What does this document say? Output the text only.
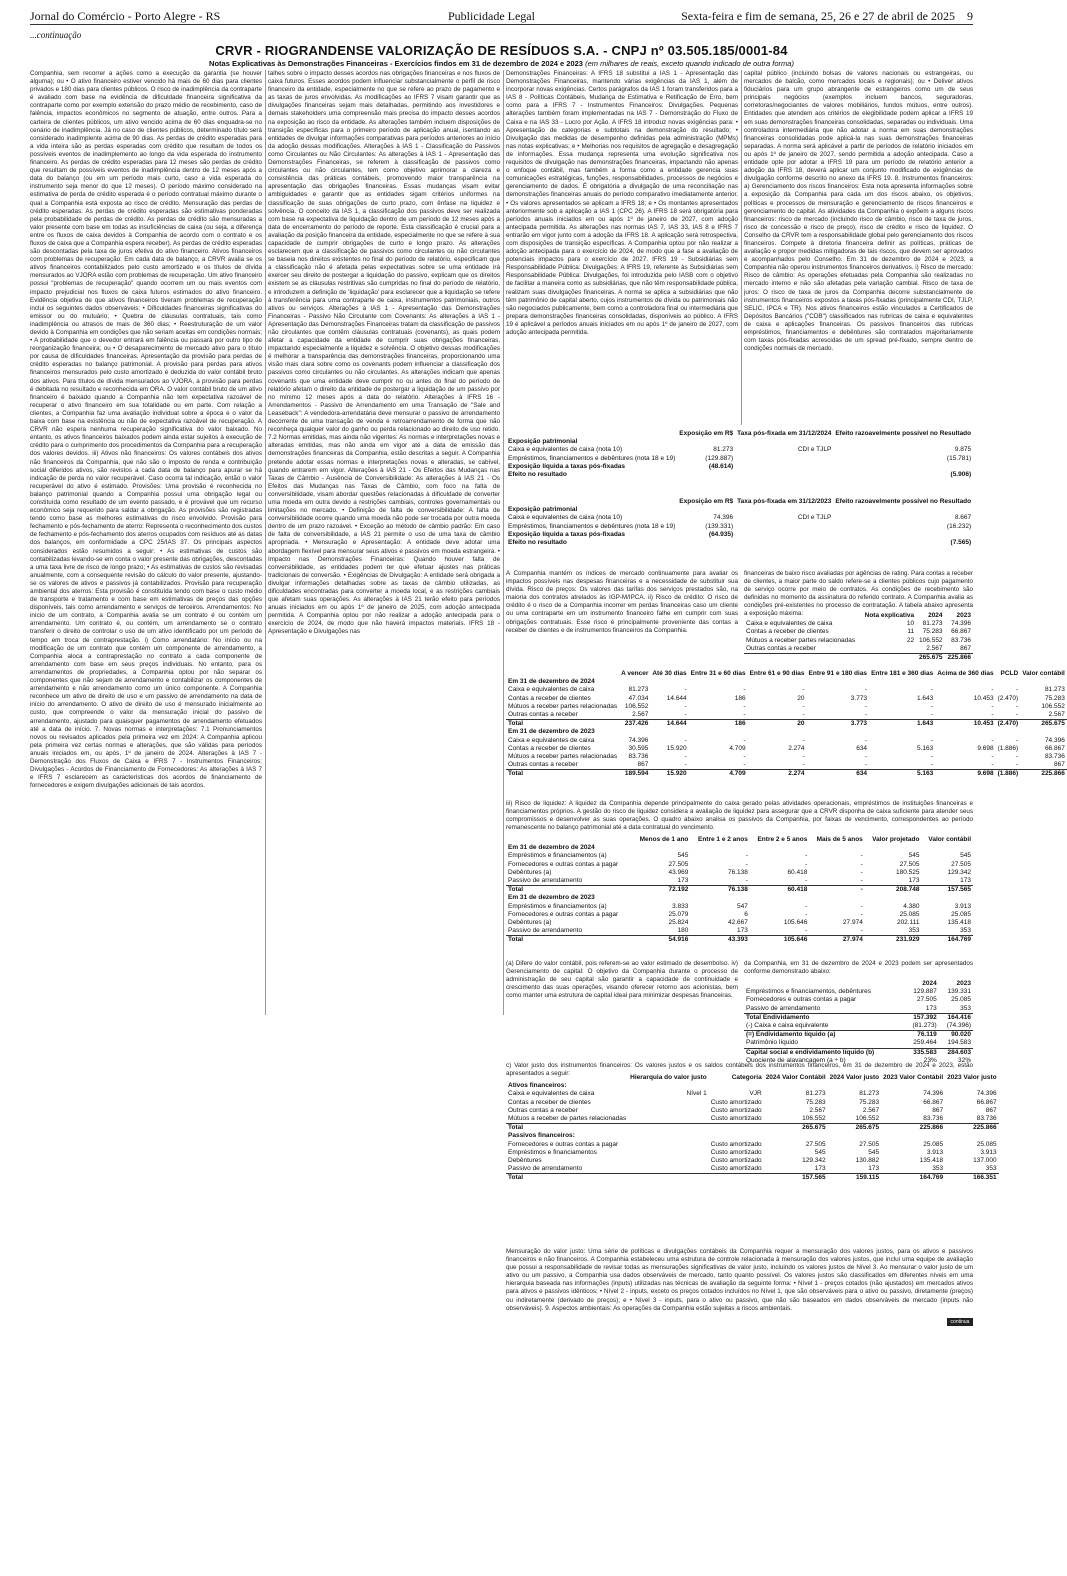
Jornal do Comércio - Porto Alegre - RS	Publicidade Legal	Sexta-feira e fim de semana, 25, 26 e 27 de abril de 2025 9
...continuação
CRVR - RIOGRANDENSE VALORIZAÇÃO DE RESÍDUOS S.A. - CNPJ nº 03.505.185/0001-84
Notas Explicativas às Demonstrações Financeiras - Exercícios findos em 31 de dezembro de 2024 e 2023 (em milhares de reais, exceto quando indicado de outra forma)

Companhia, sem recorrer a ações como a execução da garantia (se houver alguma); ou • O ativo financeiro estiver vencido há mais de 60 dias para clientes privados e 180 dias para clientes públicos. O risco de inadimplência da contraparte é avaliado com base na evidência de dificuldade financeira significativa da contraparte como por exemplo extensão do prazo médio de recebimento, caso de falência, impactos econômicos no segmento de atuação, entre outros. Para a carteira de clientes públicos, um ativo vencido acima de 60 dias enquadra-se no cenário de inadimplência. Já no caso de clientes públicos, determinado título será considerado inadimplente acima de 90 dias. As perdas de crédito esperadas para a vida inteira são as perdas esperadas com crédito que resultam de todos os possíveis eventos de inadimplemento ao longo da vida esperada do instrumento financeiro. As perdas de crédito esperadas para 12 meses são perdas de crédito que resultam de possíveis eventos de inadimplência dentro de 12 meses após a data do balanço (ou em um período mais curto, caso a vida esperada do instrumento seja menor do que 12 meses). O período máximo considerado na estimativa de perda de crédito esperada é o período contratual máximo durante o qual a Companhia está exposta ao risco de crédito. Mensuração das perdas de crédito esperadas: As perdas de crédito esperadas são estimativas ponderadas pela probabilidade de perdas de crédito. As perdas de crédito são mensuradas a valor presente com base em todas as insuficiências de caixa (ou seja, a diferença entre os fluxos de caixa devidos à Companhia de acordo com o contrato e os fluxos de caixa que a Companhia espera receber). As perdas de crédito esperadas são descontadas pela taxa de juros efetiva do ativo financeiro. Ativos financeiros com problemas de recuperação: Em cada data de balanço, a CRVR avalia se os ativos financeiros contabilizados pelo custo amortizado e os títulos de dívida mensurados ao VJORA estão com problemas de recuperação. Um ativo financeiro possui "problemas de recuperação" quando ocorrem um ou mais eventos com impacto prejudicial nos fluxos de caixa futuros estimados do ativo financeiro. Evidência objetiva de que ativos financeiros tiveram problemas de recuperação inclui os seguintes dados observáveis: • Dificuldades financeiras significativas do emissor ou do mutuário; • Quebra de cláusulas contratuais, tais como inadimplência ou atrasos de mais de 360 dias; • Reestruturação de um valor devido à Companhia em condições que não seriam aceitas em condições normais; • A probabilidade que o devedor entrará em falência ou passará por outro tipo de reorganização financeira; ou • O desaparecimento de mercado ativo para o título por causa de dificuldades financeiras. Apresentação da provisão para perdas de crédito esperadas no balanço patrimonial. A provisão para perdas para ativos financeiros mensurados pelo custo amortizado é deduzida do valor contábil bruto dos ativos. Para títulos de dívida mensurados ao VJORA, a provisão para perdas é debitada no resultado e reconhecida em ORA. O valor contábil bruto de um ativo financeiro é baixado quando a Companhia não tem expectativa razoável de recuperar o ativo financeiro em sua totalidade ou em parte. Com relação a clientes, a Companhia faz uma avaliação individual sobre a época e o valor da baixa com base na existência ou não de expectativa razoável de recuperação. A CRVR não espera nenhuma recuperação significativa do valor baixado. No entanto, os ativos financeiros baixados podem ainda estar sujeitos à execução de crédito para o cumprimento dos procedimentos da Companhia para a recuperação dos valores devidos. iii) Ativos não financeiros: Os valores contábeis dos ativos não financeiros da Companhia, que não são o imposto de renda e contribuição social diferidos ativos, são revistos a cada data de balanço para apurar se há indicação de perda no valor recuperável. Caso ocorra tal indicação, então o valor recuperável do ativo é estimado. Provisões: Uma provisão é reconhecida no balanço patrimonial quando a Companhia possui uma obrigação legal ou constituída como resultado de um evento passado, e é provável que um recurso econômico seja requerido para saldar a obrigação. As provisões são registradas tendo como base as melhores estimativas do risco envolvido. Provisão para fechamento e pós-fechamento de aterro: Representa o reconhecimento dos custos de fechamento e pós-fechamento dos aterros ocupados com resíduos até as datas dos balanços, em conformidade a CPC 25/IAS 37. Os principais aspectos considerados estão resumidos a seguir: • As estimativas de custos são contabilizadas levando-se em conta o valor presente das obrigações, descontadas a uma taxa livre de risco de longo prazo; • As estimativas de custos são revisadas anualmente, com a consequente revisão do cálculo do valor presente, ajustando-se os valores de ativos e passivos já contabilizados. Provisão para recuperação ambiental dos aterros: Esta provisão é constituída tendo com base o custo médio de transporte e tratamento e com base em estimativas de preços das opções disponíveis, tais como arrendamento e serviços de terceiros. Arrendamentos: No início de um contrato, a Companhia avalia se um contrato é ou contém um arrendamento. Um contrato é, ou contém, um arrendamento se o contrato transferir o direito de controlar o uso de um ativo identificado por um período de tempo em troca de contraprestação. i) Como arrendatário: No início ou na modificação de um contrato que contém um componente de arrendamento, a Companhia aloca a contraprestação no contrato a cada componente de arrendamento com base em seus preços individuais. No entanto, para os arrendamentos de propriedades, a Companhia optou por não separar os componentes que não sejam de arrendamento e contabilizar os componentes de arrendamento e não arrendamento como um único componente. A Companhia reconhece um ativo de direito de uso e um passivo de arrendamento na data de início do arrendamento. O ativo de direito de uso é mensurado inicialmente ao custo, que compreende o valor da mensuração inicial do passivo de arrendamento, ajustado para quaisquer pagamentos de arrendamento efetuados até a data de início. 7. Novas normas e interpretações: 7.1 Pronunciamentos novos ou revisados aplicados pela primeira vez em 2024: A Companhia aplicou pela primeira vez certas normas e alterações, que são válidas para períodos anuais iniciados em, ou após, 1º de janeiro de 2024. Alterações à IAS 7 - Demonstração dos Fluxos de Caixa e IFRS 7 - Instrumentos Financeiros: Divulgações - Acordos de Financiamento de Fornecedores: As alterações à IAS 7 e IFRS 7 esclarecem as características dos acordos de financiamento de fornecedores e exigem divulgações adicionais de tais acordos.

talhes sobre o impacto desses acordos nas obrigações financeiras e nos fluxos de caixa futuros. Esses acordos podem influenciar substancialmente o perfil de risco financeiro da entidade, especialmente no que se refere ao prazo de pagamento e as taxas de juros envolvidas. As modificações ao IFRS 7 visam garantir que as divulgações financeiras sejam mais detalhadas, permitindo aos investidores e demais stakeholders uma compreensão mais precisa do impacto desses acordos na exposição ao risco da entidade. As alterações também incluem disposições de transição específicas para o primeiro período de aplicação anual, isentando as entidades de divulgar informações comparativas para períodos anteriores ao início da adoção dessas modificações. Alterações à IAS 1 - Classificação do Passivos como Circulantes ou Não Circulantes: As alterações à IAS 1 - Apresentação das Demonstrações Financeiras, se referem à classificação de passivos como circulantes ou não circulantes, tem como objetivo aprimorar a clareza e consistência das práticas contábeis, promovendo maior transparência na apresentação das obrigações financeiras. Essas mudanças visam evitar ambiguidades e garantir que as entidades sigam critérios uniformes na classificação de suas obrigações de curto prazo, com ênfase na liquidez e solvência. O conceito da IAS 1, a classificação dos passivos deve ser realizada com base na expectativa de liquidação dentro de um período de 12 meses após a data de encerramento do período de reporte. Esta classificação é crucial para a avaliação da posição financeira da entidade, especialmente no que se refere à sua capacidade de cumprir obrigações de curto e longo prazo. As alterações esclarecem que a classificação de passivos como circulantes ou não circulantes se baseia nos direitos existentes no final do período de relatório, especificam que a classificação não é afetada pelas expectativas sobre se uma entidade irá exercer seu direito de postergar a liquidação do passivo, explicam que os direitos existem se as cláusulas restritivas são cumpridas no final do período de relatório, e introduzem a definição de 'liquidação' para esclarecer que a liquidação se refere à transferência para uma contraparte de caixa, instrumentos patrimoniais, outros ativos ou serviços. Alterações à IAS 1 - Apresentação das Demonstrações Financeiras - Passivo Não Circulante com Covenants: As alterações à IAS 1 - Apresentação das Demonstrações Financeiras tratam da classificação de passivos não circulantes que contêm cláusulas contratuais (covenants), as quais podem afetar a capacidade da entidade de cumprir suas obrigações financeiras, impactando especialmente a liquidez e solvência. O objetivo dessas modificações é melhorar a transparência das demonstrações financeiras, proporcionando uma visão mais clara sobre como os covenants podem influenciar a classificação dos passivos como circulantes ou não circulantes. As alterações indicam que apenas covenants que uma entidade deve cumprir no ou antes do final do período de relatório afetam o direito da entidade de postergar a liquidação de um passivo por no mínimo 12 meses após a data do relatório. Alterações à IFRS 16 - Arrendamentos - Passivo de Arrendamento em uma Transação de "Sale and Leaseback": A vendedora-arrendatária deve mensurar o passivo de arrendamento decorrente de uma transação de venda e retroarrendamento de forma que não reconheça qualquer valor do ganho ou perda relacionado ao direito de uso retido. 7.2 Normas emitidas, mas ainda não vigentes: As normas e interpretações novas e alteradas emitidas, mas não ainda em vigor até a data de emissão das demonstrações financeiras da Companhia, estão descritas a seguir. A Companhia pretende adotar essas normas e interpretações novas e alteradas, se cabível, quando entrarem em vigor. Alterações à IAS 21 - Os Efeitos das Mudanças nas Taxas de Câmbio - Ausência de Conversibilidade: As alterações à IAS 21 - Os Efeitos das Mudanças nas Taxas de Câmbio, com foco na falta de conversibilidade, visam abordar questões relacionadas à dificuldade de converter uma moeda em outra devido a restrições cambiais, controles governamentais ou limitações no mercado. • Definição de falta de conversibilidade: A falta de conversibilidade ocorre quando uma moeda não pode ser trocada por outra moeda dentro de um prazo razoável. • Exceção ao método de câmbio padrão: Em caso de falta de conversibilidade, a IAS 21 permite o uso de uma taxa de câmbio apropriada. • Mensuração e Apresentação: A entidade deve adotar uma abordagem flexível para mensurar seus ativos e passivos em moeda estrangeira. • Impacto nas Demonstrações Financeiras: Quando houver falta de conversibilidade, as entidades podem ter que efetuar ajustes nas práticas tradicionais de conversão. • Exigências de Divulgação: A entidade será obrigada a divulgar informações detalhadas sobre as taxas de câmbio utilizadas, as dificuldades encontradas para converter a moeda local, e as restrições cambiais que afetam suas operações. As alterações à IAS 21 terão efeito para períodos anuais iniciados em ou após 1º de janeiro de 2025, com adoção antecipada permitida. A Companhia optou por não realizar a adoção antecipada para o exercício de 2024, de modo que não haverá impactos materiais. IFRS 18 - Apresentação e Divulgações nas

Demonstrações Financeiras: A IFRS 18 substitui a IAS 1 - Apresentação das Demonstrações Financeiras, mantendo várias exigências da IAS 1, além de incorporar novas exigências. Certos parágrafos da IAS 1 foram transferidos para a IAS 8 - Políticas Contábeis, Mudança de Estimativa e Retificação de Erro, bem como para a IFRS 7 - Instrumentos Financeiros: Divulgações. Pequenas alterações também foram implementadas na IAS 7 - Demonstração do Fluxo de Caixa e na IAS 33 - Lucro por Ação. A IFRS 18 introduz novas exigências para: • Apresentação de categorias e subtotais na demonstração do resultado; • Divulgação das medidas de desempenho definidas pela administração (MPMs) nas notas explicativas; e • Melhorias nos requisitos de agregação e desagregação de informações. Essa mudança representa uma evolução significativa nos requisitos de divulgação nas demonstrações financeiras, impactando não apenas o enfoque contábil, mas também a forma como a entidade gerencia suas comunicações estratégicas, funções, responsabilidades, processos de negócios e gerenciamento de dados. É obrigatória a divulgação de uma reconciliação nas demonstrações financeiras anuais do período comparativo imediatamente anterior. • Os valores apresentados se aplicam a IFRS 18; e • Os montantes apresentados anteriormente sob a aplicação a IAS 1 (CPC 26). A IFRS 18 será obrigatória para períodos anuais iniciados em ou após 1º de janeiro de 2027, com adoção antecipada permitida. As alterações nas normas IAS 7, IAS 33, IAS 8 e IFRS 7 entrarão em vigor junto com a adoção da IFRS 18. A aplicação será retrospectiva, com disposições de transição específicas. A Companhia optou por não realizar a adoção antecipada para o exercício de 2024, de modo que a fase a avaliação de potenciais impactos para o exercício de 2027. IFRS 19 - Subsidiárias sem Responsabilidade Pública: Divulgações: A IFRS 19, referente às Subsidiárias sem Responsabilidade Pública: Divulgações, foi introduzida pelo IASB com o objetivo de facilitar a maneira como as subsidiárias, que não têm responsabilidade pública, realizam suas divulgações financeiras. A norma se aplica a subsidiárias que não têm patrimônio de capital aberto, cujos instrumentos de dívida ou patrimoniais não são negociados publicamente, bem como a controladora final ou intermediária que prepara demonstrações financeiras consolidadas, disponíveis ao público. A IFRS 19 é aplicável a períodos anuais iniciados em ou após 1º de janeiro de 2027, com adoção antecipada permitida.

capital público (incluindo bolsas de valores nacionais ou estrangeiras, ou mercados de balcão, como mercados locais e regionais); ou • Deliver ativos fiduciários para um grupo abrangente de estrangeiros como um de seus principais negócios (exemplos incluem bancos, seguradoras, corretoras/negociantes de valores mobiliários, fundos mútuos, entre outros). Entidades que atendem aos critérios de elegibilidade podem aplicar a IFRS 19 em suas demonstrações financeiras consolidadas, separadas ou individuais. Uma controladora intermediária que não adotar a norma em suas demonstrações financeiras consolidadas pode aplicá-la nas suas demonstrações financeiras separadas. A norma será aplicável a partir de períodos de relatório iniciados em ou após 1º de janeiro de 2027, sendo permitida a adoção antecipada. Caso a entidade opte por adotar a IFRS 19 para um período de relatório anterior a adoção da IFRS 18, deverá aplicar um conjunto modificado de exigências de divulgação conforme descrito no anexo da IFRS 19. 8. Instrumentos financeiros: a) Gerenciamento dos riscos financeiros: Esta nota apresenta informações sobre a exposição da Companhia para cada um dos riscos abaixo, os objetivos, políticas e processos de mensuração e gerenciamento de riscos financeiros e gerenciamento do capital. As atividades da Companhia o expõem a alguns riscos financeiros: risco de mercado (incluindo risco de câmbio, risco de taxa de juros, risco de concessão e risco de preço), risco de crédito e risco de liquidez. O Conselho da CRVR tem a responsabilidade global pelo gerenciamento dos riscos financeiros. Compete à diretoria financeira definir as políticas, práticas de avaliação e propor medidas mitigadoras de tais riscos, que devem ser aprovados e acompanhados pelo Conselho. Em 31 de dezembro de 2024 e 2023, a Companhia não operou instrumentos financeiros derivativos. i) Risco de mercado: Risco de câmbio: As operações efetuadas pela Companhia são realizadas no mercado interno e não são afetadas pela variação cambial. Risco de taxa de juros: O risco de taxa de juros da Companhia decorre substancialmente de instrumentos financeiros expostos a taxas pós-fixadas (principalmente CDI, TJLP, SELIC, IPCA e TR). Nos ativos financeiros estão vinculados a Certificados de Depósitos Bancários ("CDB") classificados nas rubricas de caixa e equivalentes de caixa e aplicações financeiras. Os passivos financeiros das rubricas empréstimos, financiamentos e debêntures são contratados majoritariamente com taxas pós-fixadas acrescidas de um spread pré-fixado, sempre dentro de condições normais de mercado.

	Exposição em R$	Taxa pós-fixada em 31/12/2024	Efeito razoavelmente possível no Resultado
Exposição patrimonial			
Caixa e equivalentes de caixa (nota 10)	81.273	CDI e TJLP	9.875
Empréstimos, financiamentos e debêntures (nota 18 e 19)	(129.887)		(15.781)
Exposição líquida a taxas pós-fixadas	(48.614)		
Efeito no resultado			(5.906)
	Exposição em R$	Taxa pós-fixada em 31/12/2023	Efeito razoavelmente possível no Resultado
Exposição patrimonial			
Caixa e equivalentes de caixa (nota 10)	74.396	CDI e TJLP	8.667
Empréstimos, financiamentos e debêntures (nota 18 e 19)	(139.331)		(16.232)
Exposição líquida a taxas pós-fixadas	(64.935)		
Efeito no resultado			(7.565)
A Companhia mantém os índices de mercado continuamente para avaliar os impactos possíveis nas despesas financeiras e a necessidade de substituir sua dívida. Risco de preços: Os valores das tarifas dos serviços prestados são, na maioria dos contratos atrelados às IGP-M/IPCA. ii) Risco de crédito: O risco de crédito é o risco de a Companhia incorrer em perdas financeiras caso um cliente ou uma contraparte em um instrumento financeiro falhe em cumprir com suas obrigações contratuais. Esse risco é principalmente proveniente das contas a receber de clientes e de instrumentos financeiros da Companhia.
financeiras de baixo risco avaliadas por agências de rating. Para contas a receber de clientes, a maior parte do saldo refere-se a clientes públicos cujo pagamento de serviço ocorre por meio de contratos. As condições de recebimento são definidas no momento da assinatura do referido contrato. A Companhia avalia as condições pré-existentes no processo de contratação. A tabela abaixo apresenta a exposição máxima:
		Nota explicativa	2024	2023
Caixa e equivalentes de caixa	10	81.273	74.396
Contas a receber de clientes	11	75.283	66.867
Mútuos a receber partes relacionadas	22	106.552	83.736
Outras contas a receber		2.567	867
		265.675	225.866
	A vencer	Até 30 dias	Entre 31 e 60 dias	Entre 61 e 90 dias	Entre 91 e 180 dias	Entre 181 e 360 dias	Acima de 360 dias	PCLD	Valor contábil
Em 31 de dezembro de 2024									
Caixa e equivalentes de caixa	81.273	-	-	-	-	-	-	-	81.273
Contas a receber de clientes	47.034	14.644	186	20	3.773	1.643	10.453	(2.470)	75.283
Mútuos a receber partes relacionadas	106.552	-	-	-	-	-	-	-	106.552
Outras contas a receber	2.567	-	-	-	-	-	-	-	2.567
Total	237.426	14.644	186	20	3.773	1.643	10.453	(2.470)	265.675
Em 31 de dezembro de 2023									
Caixa e equivalentes de caixa	74.396	-	-	-	-	-	-	-	74.396
Contas a receber de clientes	30.595	15.920	4.709	2.274	634	5.163	9.698	(1.886)	66.867
Mútuos a receber partes relacionadas	83.736	-	-	-	-	-	-	-	83.736
Outras contas a receber	867	-	-	-	-	-	-	-	867
Total	189.594	15.920	4.709	2.274	634	5.163	9.698	(1.886)	225.866
iii) Risco de liquidez: A liquidez da Companhia depende principalmente do caixa gerado pelas atividades operacionais, empréstimos de instituições financeiras e financiamentos próprios. A gestão do risco de liquidez considera a avaliação de liquidez para assegurar que a CRVR disponha de caixa suficiente para atender seus compromissos e desenvolver as suas operações. O quadro abaixo analisa os passivos da Companhia, por faixas de vencimento, correspondentes ao período remanescente no balanço patrimonial até a data contratual do vencimento.
	Menos de 1 ano	Entre 1 e 2 anos	Entre 2 e 5 anos	Mais de 5 anos	Valor projetado	Valor contábil
Em 31 de dezembro de 2024						
Empréstimos e financiamentos (a)	545	-	-	-	545	545
Fornecedores e outras contas a pagar	27.505	-	-	-	27.505	27.505
Debêntures (a)	43.969	76.138	60.418	-	180.525	129.342
Passivo de arrendamento	173	-	-	-	173	173
Total	72.192	76.138	60.418	-	208.748	157.565
Em 31 de dezembro de 2023						
Empréstimos e financiamentos (a)	3.833	547	-	-	4.380	3.913
Fornecedores e outras contas a pagar	25.079	6	-	-	25.085	25.085
Debêntures (a)	25.824	42.667	105.646	27.974	202.111	135.418
Passivo de arrendamento	180	173	-	-	353	353
Total	54.916	43.393	105.646	27.974	231.929	164.769
(a) Difere do valor contábil, pois referem-se ao valor estimado de desembolso. iv) Gerenciamento de capital: O objetivo da Companhia durante o processo de administração de seu capital são garantir a capacidade de continuidade e crescimento das suas operações, visando oferecer retorno aos acionistas, bem como manter uma estrutura de capital ideal para minimizar despesas financeiras.
da Companhia, em 31 de dezembro de 2024 e 2023 podem ser apresentados conforme demonstrado abaixo:
	2024	2023
Empréstimos e financiamentos, debêntures	129.887	139.331
Fornecedores e outras contas a pagar	27.505	25.085
Passivo de arrendamento	173	353
Total Endividamento	157.392	164.416
(-) Caixa e caixa equivalente	(81.273)	(74.396)
(=) Endividamento líquido (a)	76.119	90.020
Patrimônio líquido	259.464	194.583
Capital social e endividamento líquido (b)	335.583	284.603
Quociente de alavancagem (a ÷ b)	23%	32%
c) Valor justo dos instrumentos financeiros: Os valores justos e os saldos contábeis dos instrumentos financeiros, em 31 de dezembro de 2024 e 2023, estão apresentados a seguir:
	Hierarquia do valor justo	Categoria	2024 Valor Contábil	2024 Valor justo	2023 Valor Contábil	2023 Valor justo
Ativos financeiros:						
Caixa e equivalentes de caixa	Nível 1	VJR	81.273	81.273	74.396	74.396
Contas a receber de clientes		Custo amortizado	75.283	75.283	66.867	66.867
Outras contas a receber		Custo amortizado	2.567	2.567	867	867
Mútuos a receber de partes relacionadas		Custo amortizado	106.552	106.552	83.736	83.736
Total			265.675	265.675	225.866	225.866
Passivos financeiros:						
Fornecedores e outras contas a pagar		Custo amortizado	27.505	27.505	25.085	25.085
Empréstimos e financiamentos		Custo amortizado	545	545	3.913	3.913
Debêntures		Custo amortizado	129.342	130.882	135.418	137.000
Passivo de arrendamento		Custo amortizado	173	173	353	353
Total			157.565	159.115	164.769	166.351
Mensuração do valor justo: Uma série de políticas e divulgações contábeis da Companhia requer a mensuração dos valores justos, para os ativos e passivos financeiros e não financeiros. A Companhia estabeleceu uma estrutura de controle relacionada à mensuração dos valores justos, que inclui uma equipe de avaliação que possui a responsabilidade de revisar todas as mensurações significativas de valor justo, incluindo os valores justos de Nível 3. Ao mensurar o valor justo de um ativo ou um passivo, a Companhia usa dados observáveis de mercado, tanto quanto possível. Os valores justos são classificados em diferentes níveis em uma hierarquia baseada nas informações (inputs) utilizadas nas técnicas de avaliação da seguinte forma: • Nível 1 - preços cotados (não ajustados) em mercados ativos para ativos e passivos idênticos; • Nível 2 - inputs, exceto os preços cotados incluídos no Nível 1, que são observáveis para o ativo ou passivo, diretamente (preços) ou indiretamente (derivado de preços); e • Nível 3 - inputs, para o ativo ou passivo, que não são baseados em dados observáveis de mercado (inputs não observáveis). 9. Aspectos ambientais: As operações da Companhia estão sujeitas a riscos ambientais.
continua
